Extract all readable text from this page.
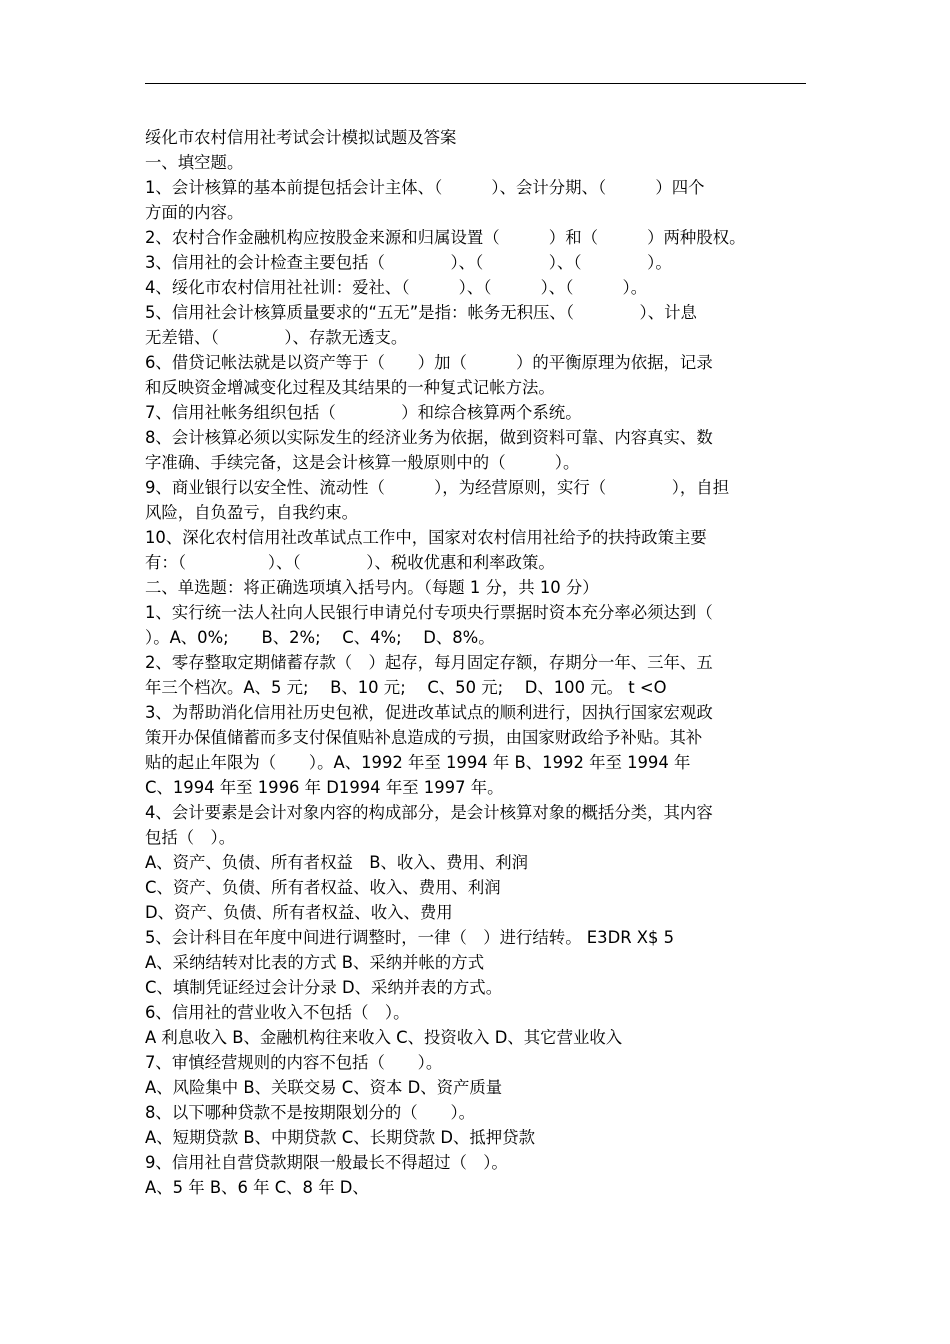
绥化市农村信用社考试会计模拟试题及答案
一、填空题。
1、会计核算的基本前提包括会计主体、（　　　）、会计分期、（　　　）四个
方面的内容。
2、农村合作金融机构应按股金来源和归属设置（　　　）和（　　　）两种股权。
3、信用社的会计检查主要包括（　　　　）、（　　　　）、（　　　　）。
4、绥化市农村信用社社训：爱社、（　　　）、（　　　）、（　　　）。
5、信用社会计核算质量要求的“五无”是指：帐务无积压、（　　　　）、计息
无差错、（　　　　）、存款无透支。
6、借贷记帐法就是以资产等于（　　）加（　　　）的平衡原理为依据，记录
和反映资金增减变化过程及其结果的一种复式记帐方法。
7、信用社帐务组织包括（　　　　）和综合核算两个系统。
8、会计核算必须以实际发生的经济业务为依据，做到资料可靠、内容真实、数
字准确、手续完备，这是会计核算一般原则中的（　　　）。
9、商业银行以安全性、流动性（　　　），为经营原则，实行（　　　　），自担
风险，自负盈亏，自我约束。
10、深化农村信用社改革试点工作中，国家对农村信用社给予的扶持政策主要
有：（　　　　　）、（　　　　）、税收优惠和利率政策。
二、单选题：将正确选项填入括号内。（每题 1 分，共 10 分）
1、实行统一法人社向人民银行申请兑付专项央行票据时资本充分率必须达到（
）。A、0%;　　B、2%;　 C、4%;　 D、8%。
2、零存整取定期储蓄存款（　）起存，每月固定存额，存期分一年、三年、五
年三个档次。A、5 元;　 B、10 元;　 C、50 元;　 D、100 元。 t <O
3、为帮助消化信用社历史包袱，促进改革试点的顺利进行，因执行国家宏观政
策开办保值储蓄而多支付保值贴补息造成的亏损，由国家财政给予补贴。其补
贴的起止年限为（　　）。A、1992 年至 1994 年 B、1992 年至 1994 年
C、1994 年至 1996 年 D1994 年至 1997 年。
4、会计要素是会计对象内容的构成部分，是会计核算对象的概括分类，其内容
包括（　）。
A、资产、负债、所有者权益　B、收入、费用、利润
C、资产、负债、所有者权益、收入、费用、利润
D、资产、负债、所有者权益、收入、费用
5、会计科目在年度中间进行调整时，一律（　）进行结转。 E3DR X$ 5
A、采纳结转对比表的方式 B、采纳并帐的方式
C、填制凭证经过会计分录 D、采纳并表的方式。
6、信用社的营业收入不包括（　）。
A 利息收入 B、金融机构往来收入 C、投资收入 D、其它营业收入
7、审慎经营规则的内容不包括（　　）。
A、风险集中 B、关联交易 C、资本 D、资产质量
8、以下哪种贷款不是按期限划分的（　　）。
A、短期贷款 B、中期贷款 C、长期贷款 D、抵押贷款
9、信用社自营贷款期限一般最长不得超过（　）。
A、5 年 B、6 年 C、8 年 D、
